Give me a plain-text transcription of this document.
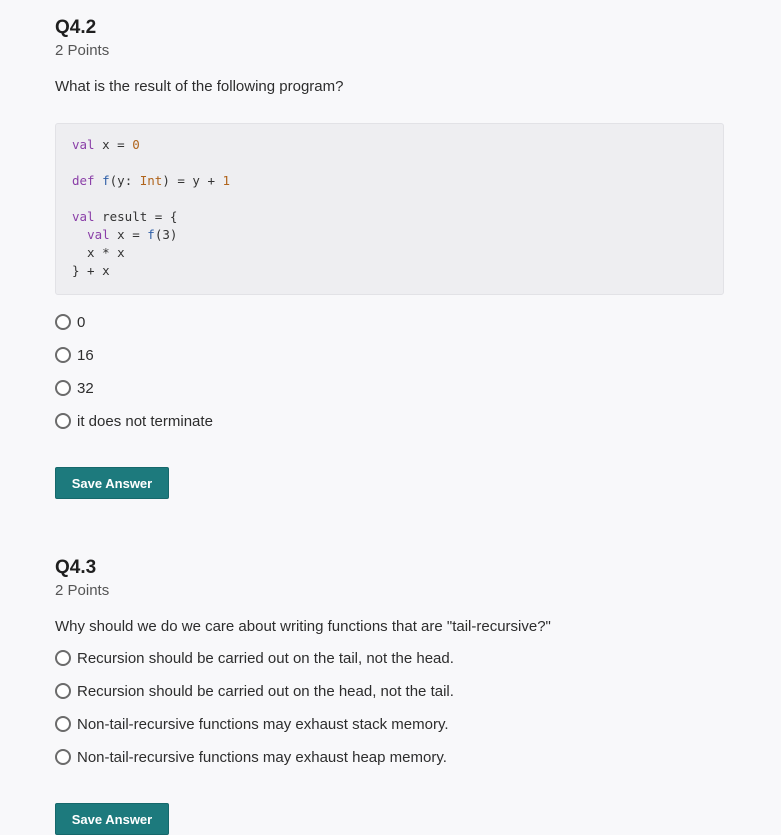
Q4.2
2 Points
What is the result of the following program?
val x = 0
def f(y: Int) = y + 1
val result = {
val x = f(3)
x * x
} + x
0
16
32
it does not terminate
Save Answer
Q4.3
2 Points
Why should we do we care about writing functions that are "tail-recursive?"
Recursion should be carried out on the tail, not the head.
Recursion should be carried out on the head, not the tail.
Non-tail-recursive functions may exhaust stack memory.
Non-tail-recursive functions may exhaust heap memory.
Save Answer
